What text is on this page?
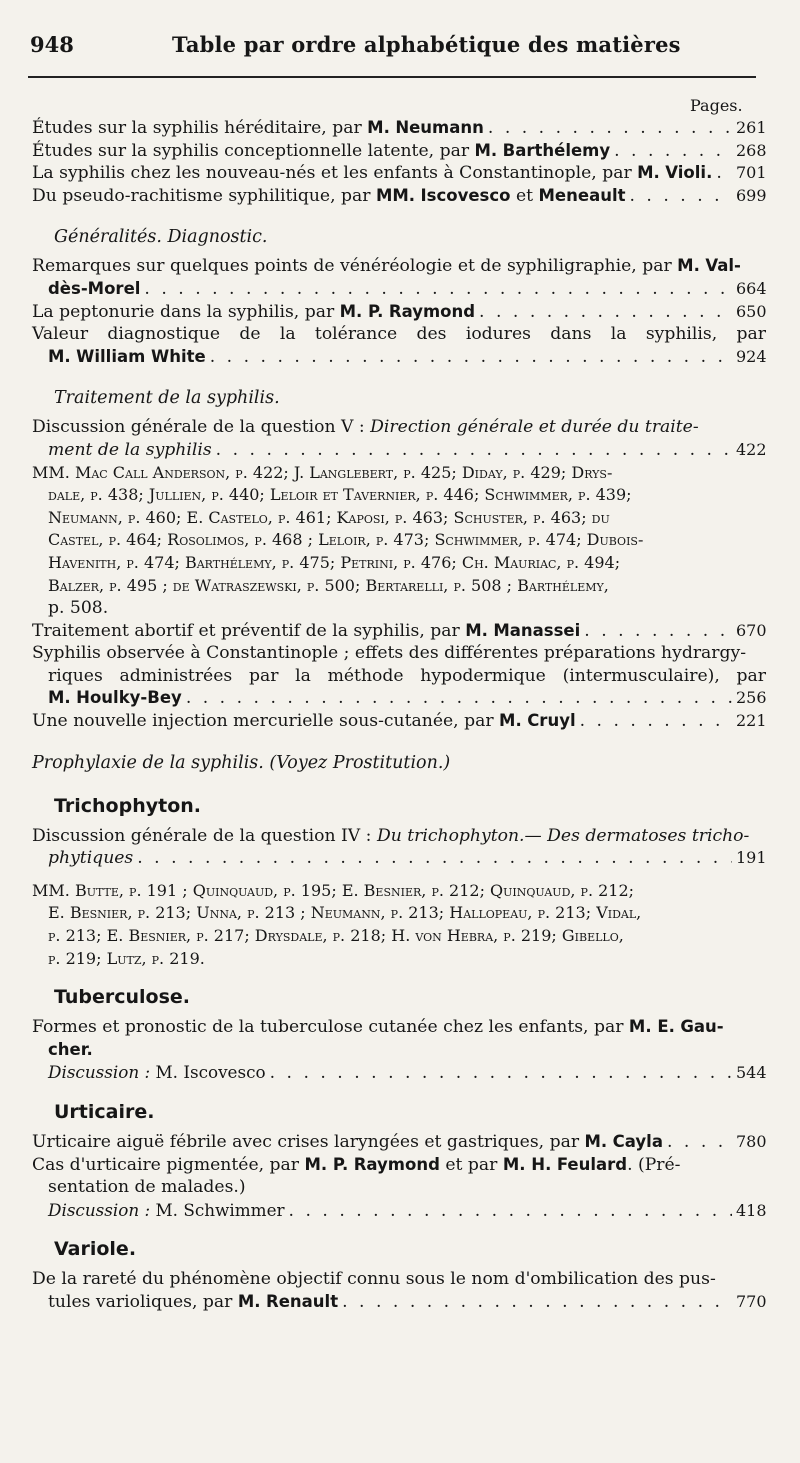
948	Table par ordre alphabétique des matières
Pages.
Études sur la syphilis héréditaire, par M. Neumann . . .	261
Études sur la syphilis conceptionnelle latente, par M. Barthélemy . . .	268
La syphilis chez les nouveau-nés et les enfants à Constantinople, par M. Violi. . . . 701
Du pseudo-rachitisme syphilitique, par MM. Iscovesco et Meneault . . .	699
Généralités. Diagnostic.
Remarques sur quelques points de vénéréologie et de syphiligraphie, par M. Val-
dès-Morel . . .	664
La peptonurie dans la syphilis, par M. P. Raymond . . .	650
Valeur diagnostique de la tolérance des iodures dans la syphilis, par
M. William White . . .	924
Traitement de la syphilis.
Discussion générale de la question V : Direction générale et durée du traite-
ment de la syphilis . . .	422
MM. Mac Call Anderson, p. 422; J. Langlebert, p. 425; Diday, p. 429; Drys-
dale, p. 438; Jullien, p. 440; Leloir et Tavernier, p. 446; Schwimmer, p. 439;
Neumann, p. 460; E. Castelo, p. 461; Kaposi, p. 463; Schuster, p. 463; du
Castel, p. 464; Rosolimos, p. 468 ; Leloir, p. 473; Schwimmer, p. 474; Dubois-
Havenith, p. 474; Barthélemy, p. 475; Petrini, p. 476; Ch. Mauriac, p. 494;
Balzer, p. 495 ; de Watraszewski, p. 500; Bertarelli, p. 508 ; Barthélemy,
p. 508.
Traitement abortif et préventif de la syphilis, par M. Manassei . . .	670
Syphilis observée à Constantinople ; effets des différentes préparations hydrargy-
riques administrées par la méthode hypodermique (intermusculaire), par
M. Houlky-Bey . . .	256
Une nouvelle injection mercurielle sous-cutanée, par M. Cruyl . . .	221
Prophylaxie de la syphilis. (Voyez Prostitution.)
Trichophyton.
Discussion générale de la question IV : Du trichophyton.— Des dermatoses tricho-
phytiques . . .	191
MM. Butte, p. 191 ; Quinquaud, p. 195; E. Besnier, p. 212; Quinquaud, p. 212;
E. Besnier, p. 213; Unna, p. 213 ; Neumann, p. 213; Hallopeau, p. 213; Vidal,
p. 213; E. Besnier, p. 217; Drysdale, p. 218; H. von Hebra, p. 219; Gibello,
p. 219; Lutz, p. 219.
Tuberculose.
Formes et pronostic de la tuberculose cutanée chez les enfants, par M. E. Gau-
cher.
Discussion : M. Iscovesco . . .	544
Urticaire.
Urticaire aiguë fébrile avec crises laryngées et gastriques, par M. Cayla . . .	780
Cas d'urticaire pigmentée, par M. P. Raymond et par M. H. Feulard. (Pré-
sentation de malades.)
Discussion : M. Schwimmer . . .	418
Variole.
De la rareté du phénomène objectif connu sous le nom d'ombilication des pus-
tules varioliques, par M. Renault . . .	770
